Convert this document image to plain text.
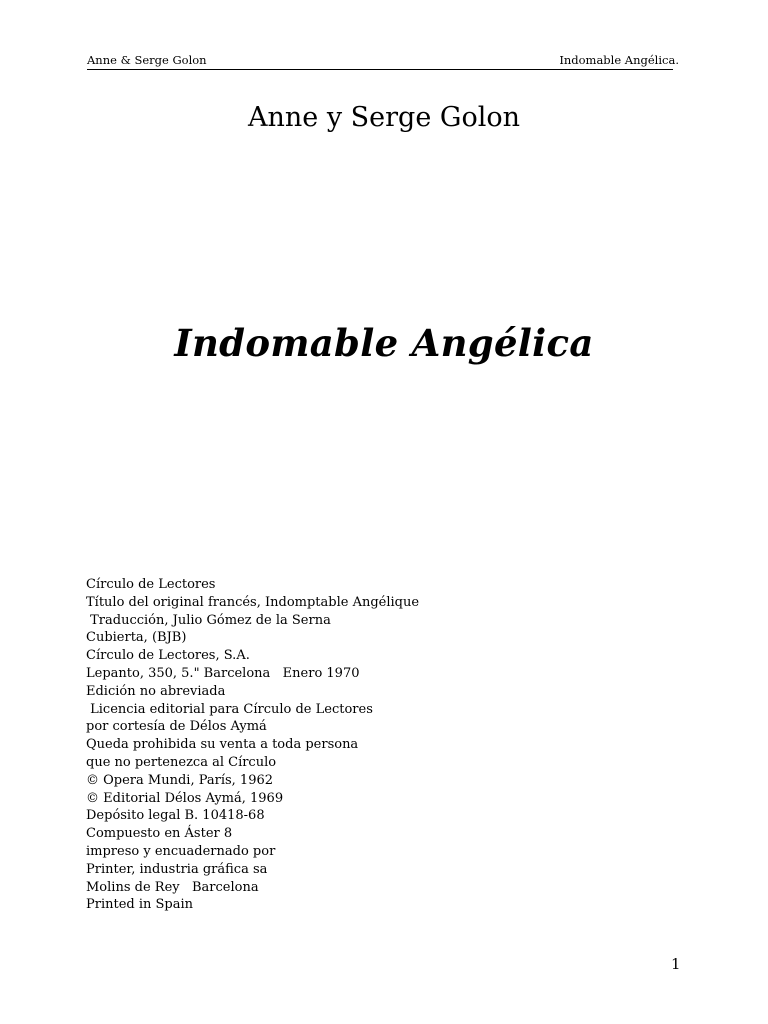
Anne & Serge Golon	Indomable Angélica.
Anne y Serge Golon
Indomable Angélica
Círculo de Lectores
Título del original francés, Indomptable Angélique
Traducción, Julio Gómez de la Serna
Cubierta, (BJB)
Círculo de Lectores, S.A.
Lepanto, 350, 5." Barcelona   Enero 1970
Edición no abreviada
Licencia editorial para Círculo de Lectores
por cortesía de Délos Aymá
Queda prohibida su venta a toda persona
que no pertenezca al Círculo
© Opera Mundi, París, 1962
© Editorial Délos Aymá, 1969
Depósito legal B. 10418-68
Compuesto en Áster 8
impreso y encuadernado por
Printer, industria gráfica sa
Molins de Rey   Barcelona
Printed in Spain
1
